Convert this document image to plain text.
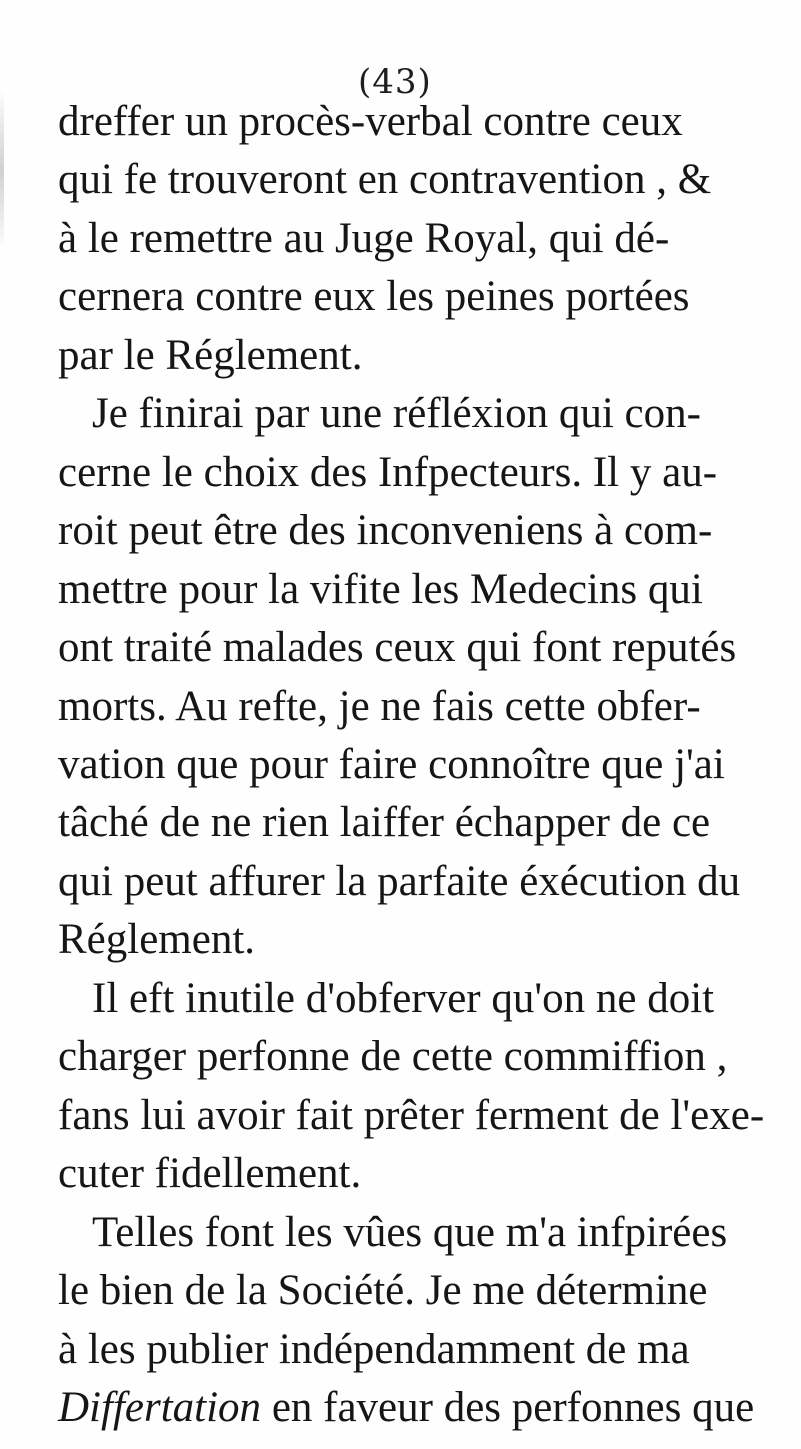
(43)
dreffer un procès-verbal contre ceux
qui fe trouveront en contravention , &
à le remettre au Juge Royal, qui dé-
cernera contre eux les peines portées
par le Réglement.
Je finirai par une réfléxion qui con-
cerne le choix des Infpecteurs. Il y au-
roit peut être des inconveniens à com-
mettre pour la vifite les Medecins qui
ont traité malades ceux qui font reputés
morts. Au refte, je ne fais cette obfer-
vation que pour faire connoître que j'ai
tâché de ne rien laiffer échapper de ce
qui peut affurer la parfaite éxécution du
Réglement.
Il eft inutile d'obferver qu'on ne doit
charger perfonne de cette commiffion ,
fans lui avoir fait prêter ferment de l'exe-
cuter fidellement.
Telles font les vûes que m'a infpirées
le bien de la Société. Je me détermine
à les publier indépendamment de ma
Differtation en faveur des perfonnes que
